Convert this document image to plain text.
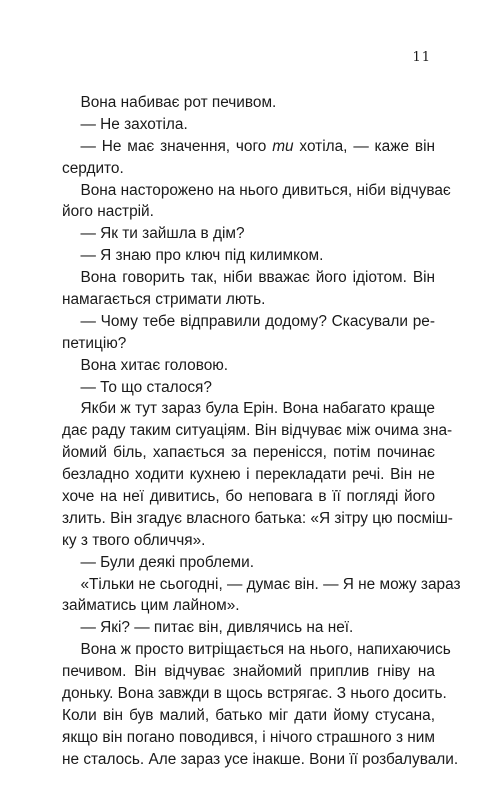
11
Вона набиває рот печивом.
— Не захотіла.
— Не має значення, чого ти хотіла, — каже він
сердито.
Вона настороженo на нього дивиться, ніби відчуває
його настрій.
— Як ти зайшла в дім?
— Я знаю про ключ під килимком.
Вона говорить так, ніби вважає його ідіотом. Він
намагається стримати лють.
— Чому тебе відправили додому? Скасували ре-
петицію?
Вона хитає головою.
— То що сталося?
Якби ж тут зараз була Ерін. Вона набагато краще
дає раду таким ситуаціям. Він відчуває між очима зна-
йомий біль, хапається за перенісся, потім починає
безладно ходити кухнею і перекладати речі. Він не
хоче на неї дивитись, бо неповага в її погляді його
злить. Він згадує власного батька: «Я зітру цю посміш-
ку з твого обличчя».
— Були деякі проблеми.
«Тільки не сьогодні, — думає він. — Я не можу зараз
займатись цим лайном».
— Які? — питає він, дивлячись на неї.
Вона ж просто витріщається на нього, напихаючись
печивом. Він відчуває знайомий приплив гніву на
доньку. Вона завжди в щось встрягає. З нього досить.
Коли він був малий, батько міг дати йому стусана,
якщо він погано поводився, і нічого страшного з ним
не сталось. Але зараз усе інакше. Вони її розбалували.
